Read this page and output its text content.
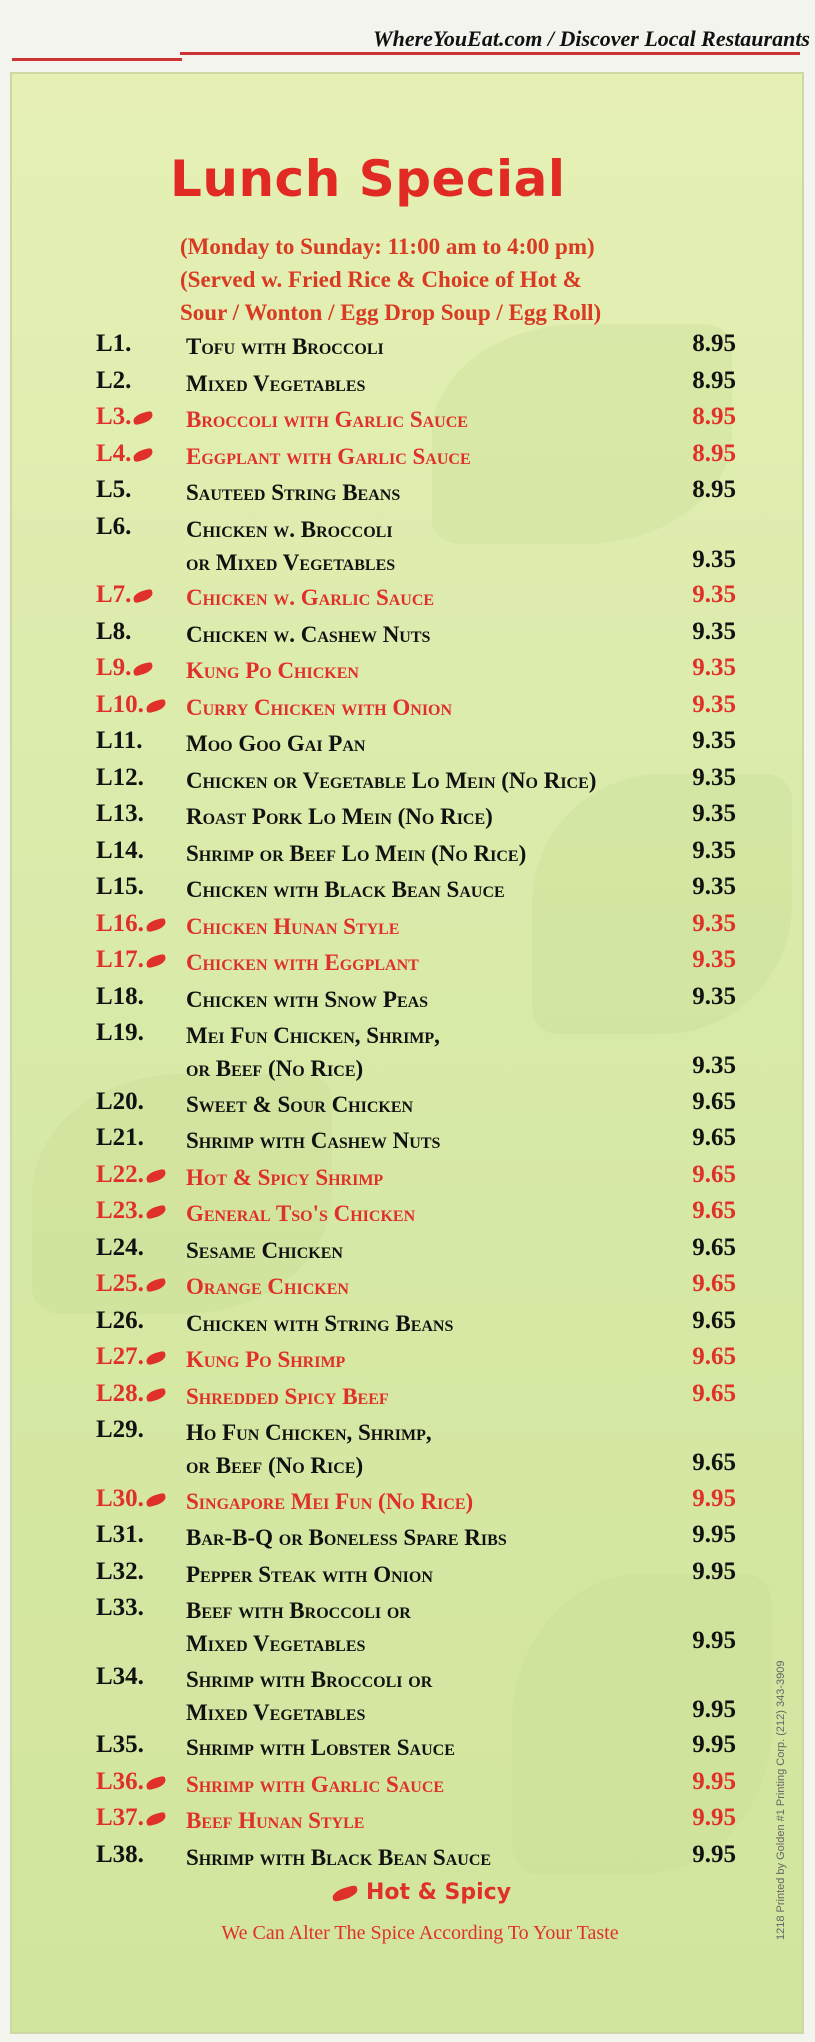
WhereYouEat.com / Discover Local Restaurants
Lunch Special
(Monday to Sunday: 11:00 am to 4:00 pm)
(Served w. Fried Rice & Choice of Hot &
Sour / Wonton / Egg Drop Soup / Egg Roll)
L1. Tofu with Broccoli	8.95
L2. Mixed Vegetables	8.95
L3.	Broccoli with Garlic Sauce	8.95
L4.	Eggplant with Garlic Sauce	8.95
L5. Sauteed String Beans	8.95
L6. Chicken w. Broccoli
or Mixed Vegetables	9.35
L7.	Chicken w. Garlic Sauce	9.35
L8. Chicken w. Cashew Nuts	9.35
L9.	Kung Po Chicken	9.35
L10.	Curry Chicken with Onion	9.35
L11. Moo Goo Gai Pan	9.35
L12. Chicken or Vegetable Lo Mein (No Rice)	9.35
L13. Roast Pork Lo Mein (No Rice)	9.35
L14. Shrimp or Beef Lo Mein (No Rice)	9.35
L15. Chicken with Black Bean Sauce	9.35
L16.	Chicken Hunan Style	9.35
L17.	Chicken with Eggplant	9.35
L18. Chicken with Snow Peas	9.35
L19. Mei Fun Chicken, Shrimp,
or Beef (No Rice)	9.35
L20. Sweet & Sour Chicken	9.65
L21. Shrimp with Cashew Nuts	9.65
L22.	Hot & Spicy Shrimp	9.65
L23.	General Tso's Chicken	9.65
L24. Sesame Chicken	9.65
L25.	Orange Chicken	9.65
L26. Chicken with String Beans	9.65
L27.	Kung Po Shrimp	9.65
L28.	Shredded Spicy Beef	9.65
L29. Ho Fun Chicken, Shrimp,
or Beef (No Rice)	9.65
L30.	Singapore Mei Fun (No Rice)	9.95
L31. Bar-B-Q or Boneless Spare Ribs	9.95
L32. Pepper Steak with Onion	9.95
L33. Beef with Broccoli or
Mixed Vegetables	9.95
L34. Shrimp with Broccoli or
Mixed Vegetables	9.95
L35. Shrimp with Lobster Sauce	9.95
L36.	Shrimp with Garlic Sauce	9.95
L37.	Beef Hunan Style	9.95
L38. Shrimp with Black Bean Sauce	9.95
Hot & Spicy
We Can Alter The Spice According To Your Taste	1218 Printed by Golden #1 Printing Corp. (212) 343-3909
